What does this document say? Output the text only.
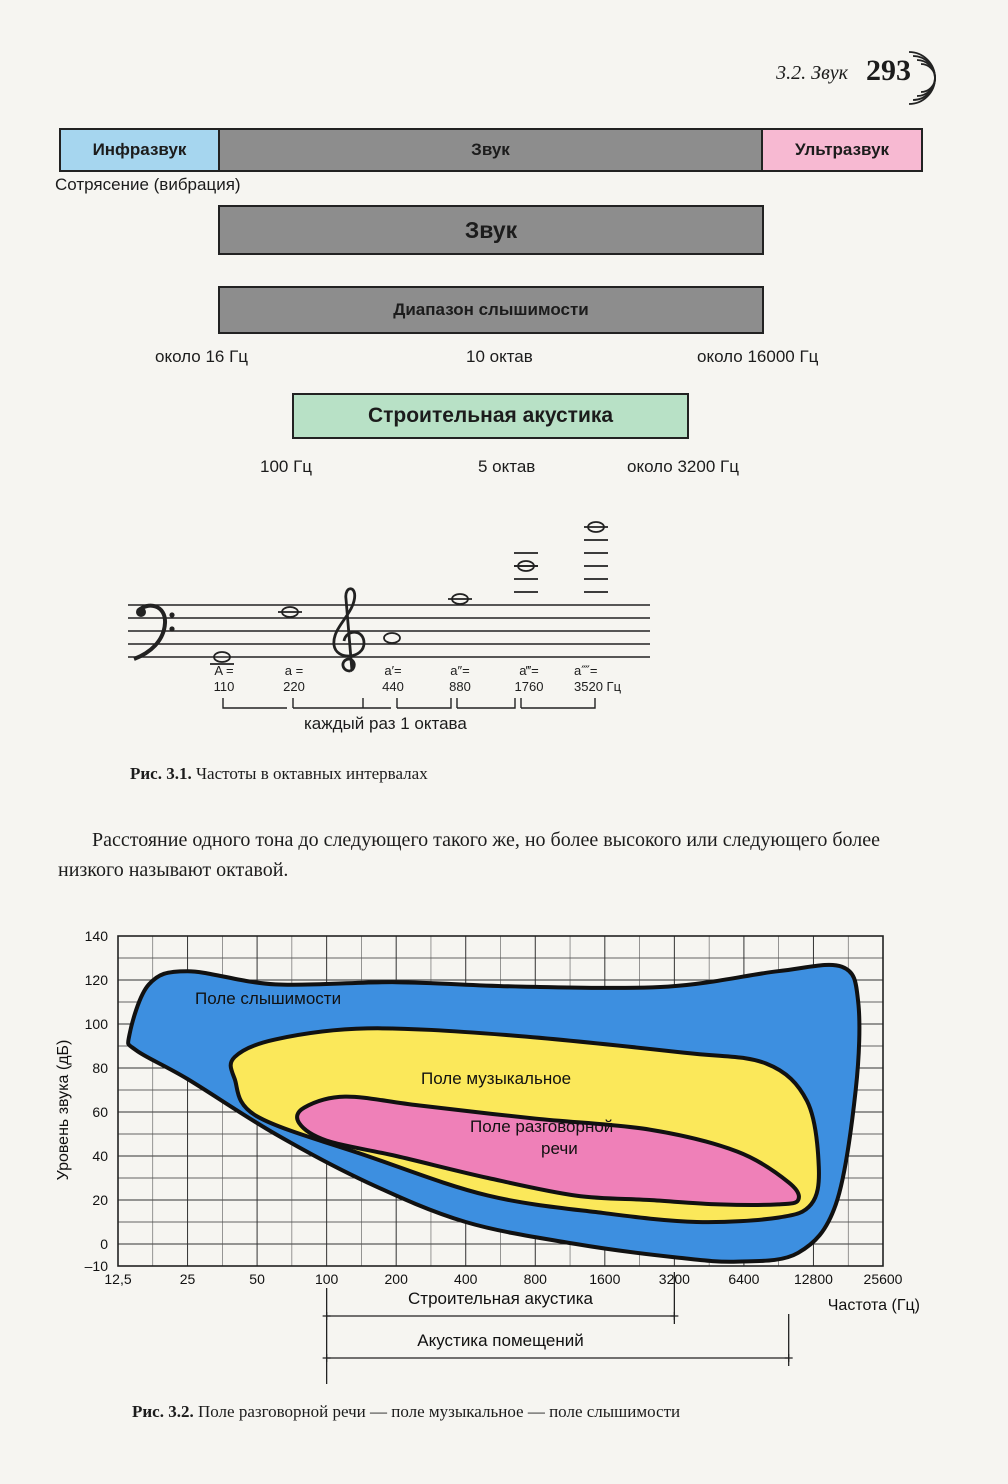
3.2. Звук 293
Инфразвук	Звук	Ультразвук
Сотрясение (вибрация)
Звук
Диапазон слышимости
около 16 Гц	10 октав	около 16000 Гц
Строительная акустика
100 Гц	5 октав	около 3200 Гц
A =
110
a =
220
a′=
440
a″=
880
a‴=
1760
a⁗=
3520 Гц
каждый раз 1 октава
Рис. 3.1. Частоты в октавных интервалах

Расстояние одного тона до следующего такого же, но более высокого или следующего более низкого называют октавой.

12,5	25	50	100	200	400	800	1600	3200	6400 12800 25600
140
120
100
80
60
40
20
0
–10
Строительная акустика
Акустика помещений
Поле слышимости
Поле музыкальное
Поле разговорной речи
Уровень звука (дБ)
Частота (Гц)
Рис. 3.2. Поле разговорной речи — поле музыкальное — поле слышимости
